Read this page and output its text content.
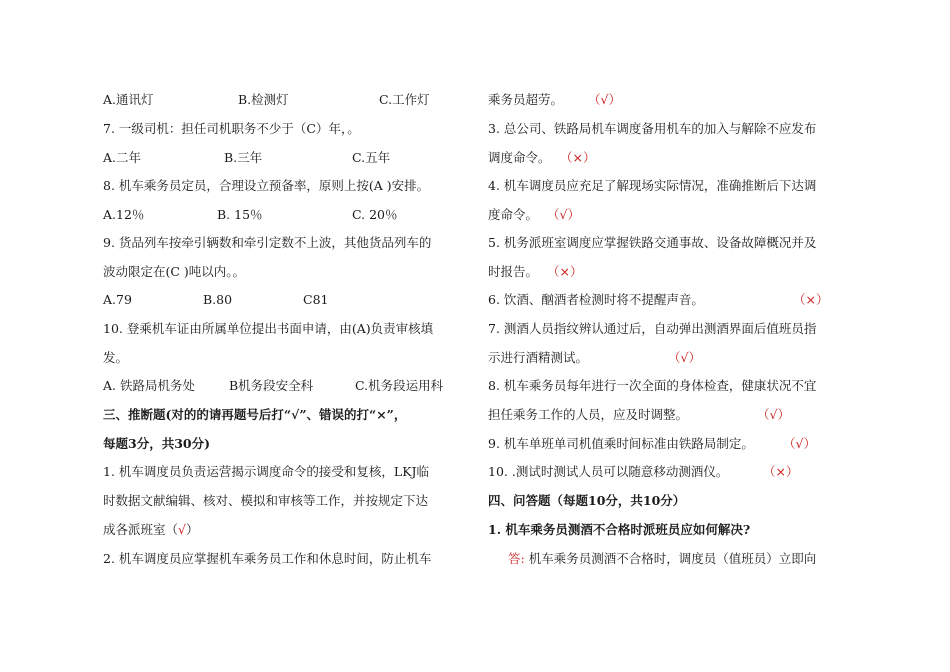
A.通讯灯	B.检测灯	C.工作灯
7. 一级司机：担任司机职务不少于（C）年，。
A.二年	B.三年	C.五年
8. 机车乘务员定员，合理设立预备率，原则上按(A )安排。
A.12％	B. 15％	C. 20％
9. 货品列车按牵引辆数和牵引定数不上波，其他货品列车的
波动限定在(C )吨以内。。
A.79	B.80	C81
10. 登乘机车证由所属单位提出书面申请，由(A)负责审核填
发。
A. 铁路局机务处	B机务段安全科	C.机务段运用科
三、推断题(对的的请再题号后打“√”、错误的打“×”，
每题3分，共30分)
1. 机车调度员负责运营揭示调度命令的接受和复核，LKJ临
时数据文献编辑、核对、模拟和审核等工作，并按规定下达
成各派班室（√）
2. 机车调度员应掌握机车乘务员工作和休息时间，防止机车
乘务员超劳。 （√）
3. 总公司、铁路局机车调度备用机车的加入与解除不应发布
调度命令。 （×）
4. 机车调度员应充足了解现场实际情况，准确推断后下达调
度命令。 （√）
5. 机务派班室调度应掌握铁路交通事故、设备故障概况并及
时报告。 （×）
6. 饮酒、酗酒者检测时将不提醒声音。	（×）
7. 测酒人员指纹辨认通过后，自动弹出测酒界面后值班员指
示进行酒精测试。	（√）
8. 机车乘务员每年进行一次全面的身体检查，健康状况不宜
担任乘务工作的人员，应及时调整。	（√）
9. 机车单班单司机值乘时间标准由铁路局制定。 （√）
10. .测试时测试人员可以随意移动测酒仪。	（×）
四、问答题（每题10分，共10分）
1. 机车乘务员测酒不合格时派班员应如何解决?
答: 机车乘务员测酒不合格时，调度员（值班员）立即向
